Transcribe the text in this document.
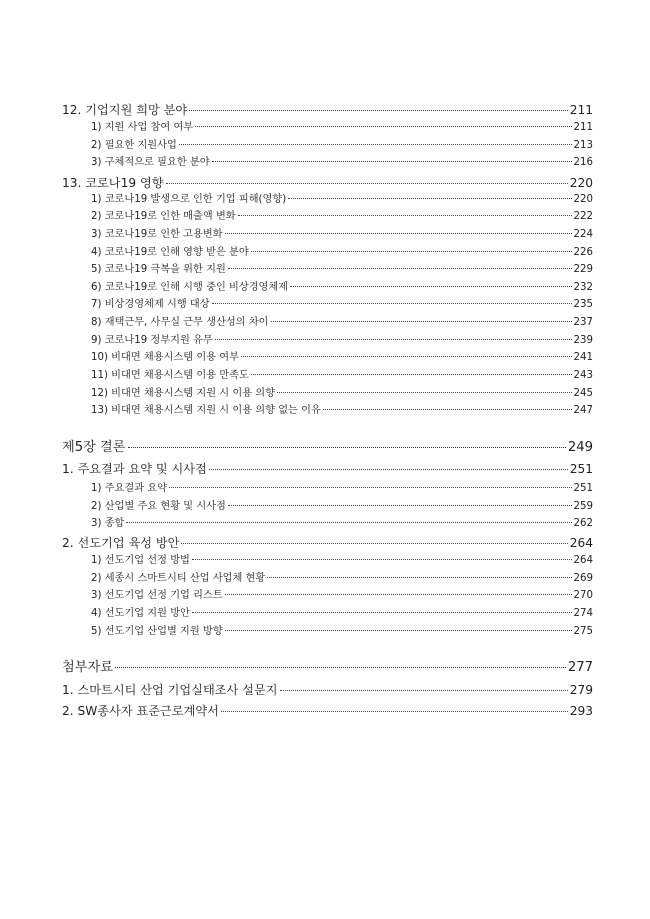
12. 기업지원 희망 분야	211
1) 지원 사업 참여 여부	211
2) 필요한 지원사업	213
3) 구체적으로 필요한 분야	216
13. 코로나19 영향	220
1) 코로나19 발생으로 인한 기업 피해(영향)	220
2) 코로나19로 인한 매출액 변화	222
3) 코로나19로 인한 고용변화	224
4) 코로나19로 인해 영향 받은 분야	226
5) 코로나19 극복을 위한 지원	229
6) 코로나19로 인해 시행 중인 비상경영체제	232
7) 비상경영체제 시행 대상	235
8) 재택근무, 사무실 근무 생산성의 차이	237
9) 코로나19 정부지원 유무	239
10) 비대면 채용시스템 이용 여부	241
11) 비대면 채용시스템 이용 만족도	243
12) 비대면 채용시스템 지원 시 이용 의향	245
13) 비대면 채용시스템 지원 시 이용 의향 없는 이유	247
제5장 결론	249
1. 주요결과 요약 및 시사점	251
1) 주요결과 요약	251
2) 산업별 주요 현황 및 시사점	259
3) 종합	262
2. 선도기업 육성 방안	264
1) 선도기업 선정 방법	264
2) 세종시 스마트시티 산업 사업체 현황	269
3) 선도기업 선정 기업 리스트	270
4) 선도기업 지원 방안	274
5) 선도기업 산업별 지원 방향	275
첨부자료	277
1. 스마트시티 산업 기업실태조사 설문지	279
2. SW종사자 표준근로계약서	293
